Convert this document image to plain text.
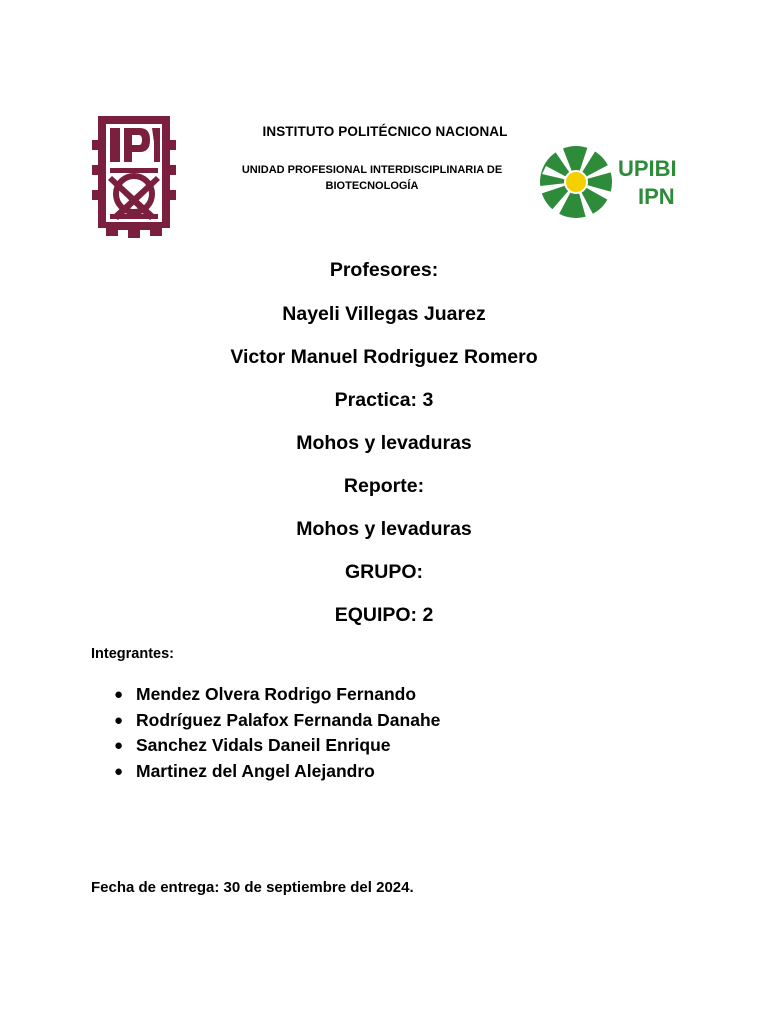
INSTITUTO POLITÉCNICO NACIONAL
UNIDAD PROFESIONAL INTERDISCIPLINARIA DE
BIOTECNOLOGÍA
UPIBI
IPN
Profesores:
Nayeli Villegas Juarez
Victor Manuel Rodriguez Romero
Practica: 3
Mohos y levaduras
Reporte:
Mohos y levaduras
GRUPO:
EQUIPO: 2
Integrantes:
● Mendez Olvera Rodrigo Fernando
● Rodríguez Palafox Fernanda Danahe
● Sanchez Vidals Daneil Enrique
● Martinez del Angel Alejandro
Fecha de entrega: 30 de septiembre del 2024.
